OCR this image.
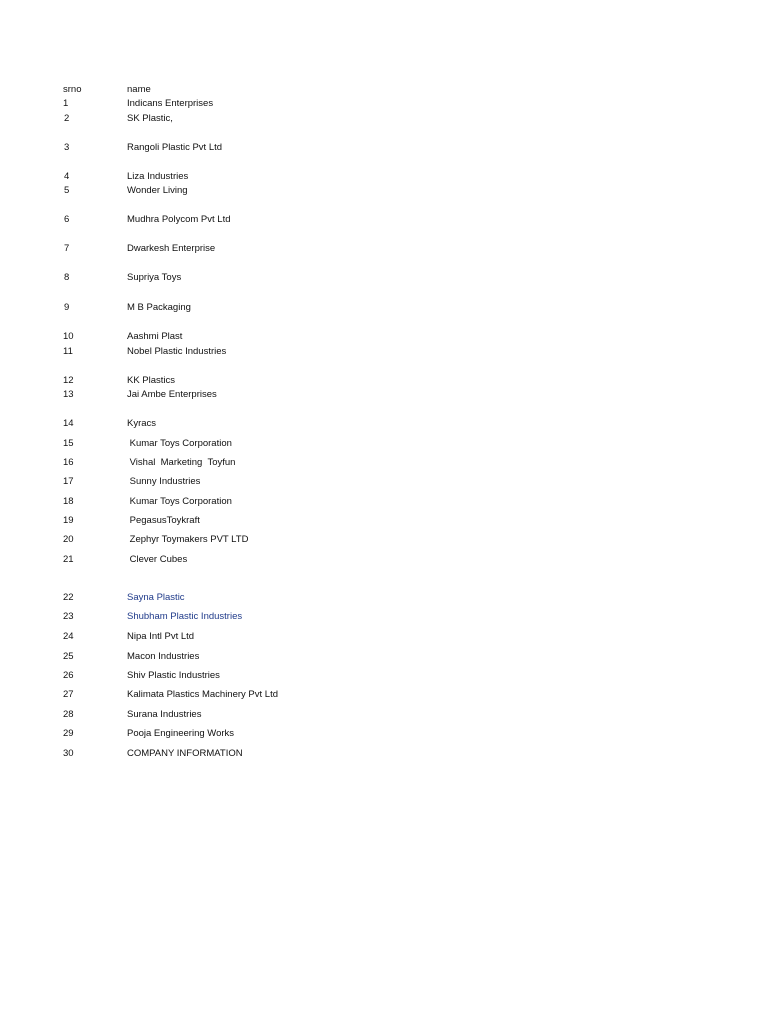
srno	name
1	Indicans Enterprises
2	SK Plastic,
3	Rangoli Plastic Pvt Ltd
4	Liza Industries
5	Wonder Living
6	Mudhra Polycom Pvt Ltd
7	Dwarkesh Enterprise
8	Supriya Toys
9	M B Packaging
10	Aashmi Plast
11	Nobel Plastic Industries
12	KK Plastics
13	Jai Ambe Enterprises
14	Kyracs
15	Kumar Toys Corporation
16	Vishal  Marketing  Toyfun
17	Sunny Industries
18	Kumar Toys Corporation
19	PegasusToykraft
20	Zephyr Toymakers PVT LTD
21	Clever Cubes
22	Sayna Plastic
23	Shubham Plastic Industries
24	Nipa Intl Pvt Ltd
25	Macon Industries
26	Shiv Plastic Industries
27	Kalimata Plastics Machinery Pvt Ltd
28	Surana Industries
29	Pooja Engineering Works
30	COMPANY INFORMATION
